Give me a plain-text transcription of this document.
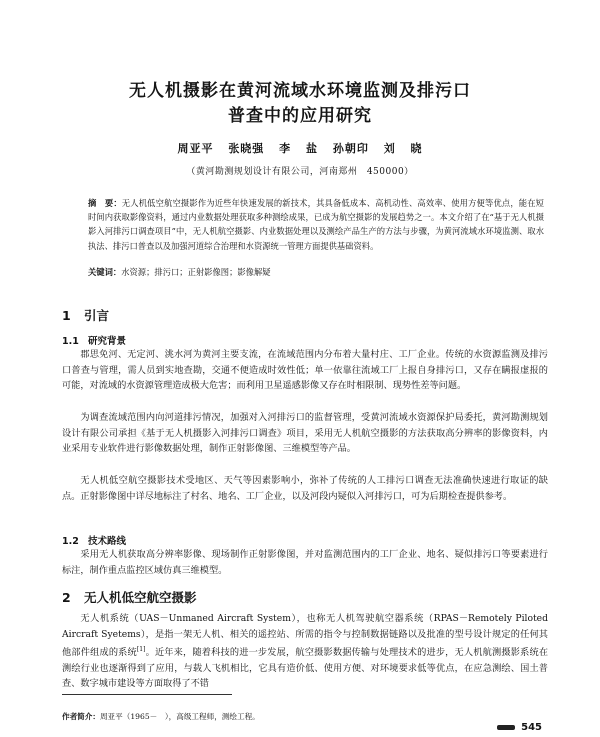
无人机摄影在黄河流域水环境监测及排污口
普查中的应用研究
周亚平 张晓强 李 盐 孙朝印 刘 晓
（黄河勘测规划设计有限公司，河南郑州　450000）
摘　要：无人机低空航空摄影作为近些年快速发展的新技术，其具备低成本、高机动性、高效率、使用方便等优点，能在短时间内获取影像资料，通过内业数据处理获取多种测绘成果，已成为航空摄影的发展趋势之一。本文介绍了在“基于无人机摄影入河排污口调查项目”中，无人机航空摄影、内业数据处理以及测绘产品生产的方法与步骤，为黄河流域水环境监测、取水执法、排污口普查以及加强河道综合治理和水资源统一管理方面提供基础资料。
关键词：水资源；排污口；正射影像图；影像解疑
1 引言
1.1 研究背景
郡思免河、无定河、洮水河为黄河主要支流，在流域范围内分布着大量村庄、工厂企业。传统的水资源监测及排污口普查与管理，需人员到实地查勘，交通不便造成时效性低；单一依靠往流域工厂上报自身排污口，又存在瞒报虚报的可能，对流域的水资源管理造成极大危害；而利用卫星遥感影像又存在时相限制、现势性差等问题。
为调查流域范围内向河道排污情况，加强对入河排污口的监督管理，受黄河流域水资源保护局委托，黄河勘测规划设计有限公司承担《基于无人机摄影入河排污口调查》项目，采用无人机航空摄影的方法获取高分辨率的影像资料，内业采用专业软件进行影像数据处理，制作正射影像图、三维模型等产品。
无人机低空航空摄影技术受地区、天气等因素影响小，弥补了传统的人工排污口调查无法准确快速进行取证的缺点。正射影像图中详尽地标注了村名、地名、工厂企业，以及河段内疑似入河排污口，可为后期检查提供参考。
1.2 技术路线
采用无人机获取高分辨率影像、现场制作正射影像图，并对监测范围内的工厂企业、地名、疑似排污口等要素进行标注，制作重点监控区域仿真三维模型。
2 无人机低空航空摄影
无人机系统（UAS－Unmaned Aircraft System），也称无人机驾驶航空器系统（RPAS－Remotely Piloted Aircraft Syetems），是指一架无人机、相关的遥控站、所需的指令与控制数据链路以及批准的型号设计规定的任何其他部件组成的系统[1]。近年来，随着科技的进一步发展，航空摄影数据传输与处理技术的进步，无人机航测摄影系统在测绘行业也逐渐得到了应用，与载人飞机相比，它具有造价低、使用方便、对环境要求低等优点，在应急测绘、国土普查、数字城市建设等方面取得了不错
作者简介：周亚平（1965－　），高级工程师，测绘工程。
545
